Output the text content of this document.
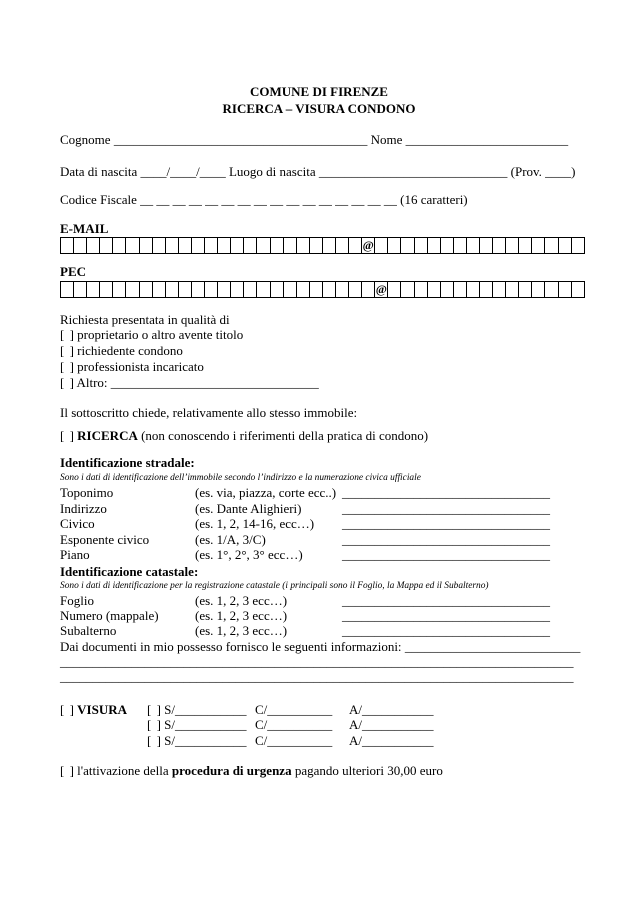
COMUNE DI FIRENZE
RICERCA – VISURA CONDONO
Cognome _______________________________________ Nome _________________________
Data di nascita ____/____/____ Luogo di nascita _____________________________ (Prov. ____)
Codice Fiscale __ __ __ __ __ __ __ __ __ __ __ __ __ __ __ __ (16 caratteri)
E-MAIL
@
PEC
@
Richiesta presentata in qualità di
[ ] proprietario o altro avente titolo
[ ] richiedente condono
[ ] professionista incaricato
[ ] Altro: ________________________________
Il sottoscritto chiede, relativamente allo stesso immobile:
[ ] RICERCA (non conoscendo i riferimenti della pratica di condono)
Identificazione stradale:
Sono i dati di identificazione dell’immobile secondo l’indirizzo e la numerazione civica ufficiale
Toponimo	(es. via, piazza, corte ecc..) ________________________________
Indirizzo	(es. Dante Alighieri)	________________________________
Civico	(es. 1, 2, 14-16, ecc…) ________________________________
Esponente civico	(es. 1/A, 3/C)	________________________________
Piano	(es. 1°, 2°, 3° ecc…)	________________________________
Identificazione catastale:
Sono i dati di identificazione per la registrazione catastale (i principali sono il Foglio, la Mappa ed il Subalterno)
Foglio	(es. 1, 2, 3 ecc…)	________________________________
Numero (mappale)	(es. 1, 2, 3 ecc…)	________________________________
Subalterno	(es. 1, 2, 3 ecc…)	________________________________
Dai documenti in mio possesso fornisco le seguenti informazioni: ___________________________
_______________________________________________________________________________
_______________________________________________________________________________
[ ] VISURA [ ] S/___________ C/__________ A/___________
[ ] S/___________ C/__________ A/___________
[ ] S/___________ C/__________ A/___________
[ ] l'attivazione della procedura di urgenza pagando ulteriori 30,00 euro
